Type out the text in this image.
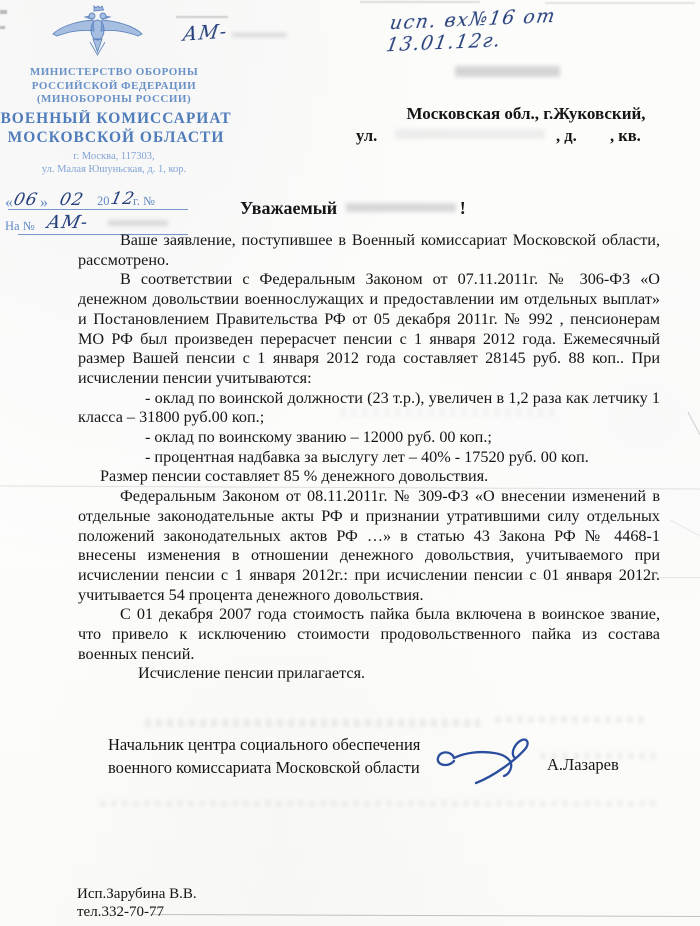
АМ-	исп. вх№16 от 13.01.12г.
МИНИСТЕРСТВО ОБОРОНЫ
РОССИЙСКОЙ ФЕДЕРАЦИИ
(МИНОБОРОНЫ РОССИИ)
ВОЕННЫЙ КОМИССАРИАТ
МОСКОВСКОЙ ОБЛАСТИ
г. Москва, 117303,
ул. Малая Юшуньская, д. 1, кор.
«
06 » 02 20 12
г. №
На № АМ-
Московская обл., г.Жуковский,
ул.	, д. , кв.
Уважаемый	!

Ваше заявление, поступившее в Военный комиссариат Московской области, рассмотрено.

В соответствии с Федеральным Законом от 07.11.2011г. № 306-ФЗ «О денежном довольствии военнослужащих и предоставлении им отдельных выплат» и Постановлением Правительства РФ от 05 декабря 2011г. № 992 , пенсионерам МО РФ был произведен перерасчет пенсии с 1 января 2012 года. Ежемесячный размер Вашей пенсии с 1 января 2012 года составляет 28145 руб. 88 коп.. При исчислении пенсии учитываются:

- оклад по воинской должности (23 т.р.), увеличен в 1,2 раза как летчику 1 класса – 31800 руб.00 коп.;

- оклад по воинскому званию – 12000 руб. 00 коп.;

- процентная надбавка за выслугу лет – 40% - 17520 руб. 00 коп.

Размер пенсии составляет 85 % денежного довольствия.

Федеральным Законом от 08.11.2011г. № 309-ФЗ «О внесении изменений в отдельные законодательные акты РФ и признании утратившими силу отдельных положений законодательных актов РФ …» в статью 43 Закона РФ № 4468-1 внесены изменения в отношении денежного довольствия, учитываемого при исчислении пенсии с 1 января 2012г.: при исчислении пенсии с 01 января 2012г. учитывается 54 процента денежного довольствия.

С 01 декабря 2007 года стоимость пайка была включена в воинское звание, что привело к исключению стоимости продовольственного пайка из состава военных пенсий.

Исчисление пенсии прилагается.

Начальник центра социального обеспечения
военного комиссариата Московской области	А.Лазарев
Исп.Зарубина В.В.
тел.332-70-77
